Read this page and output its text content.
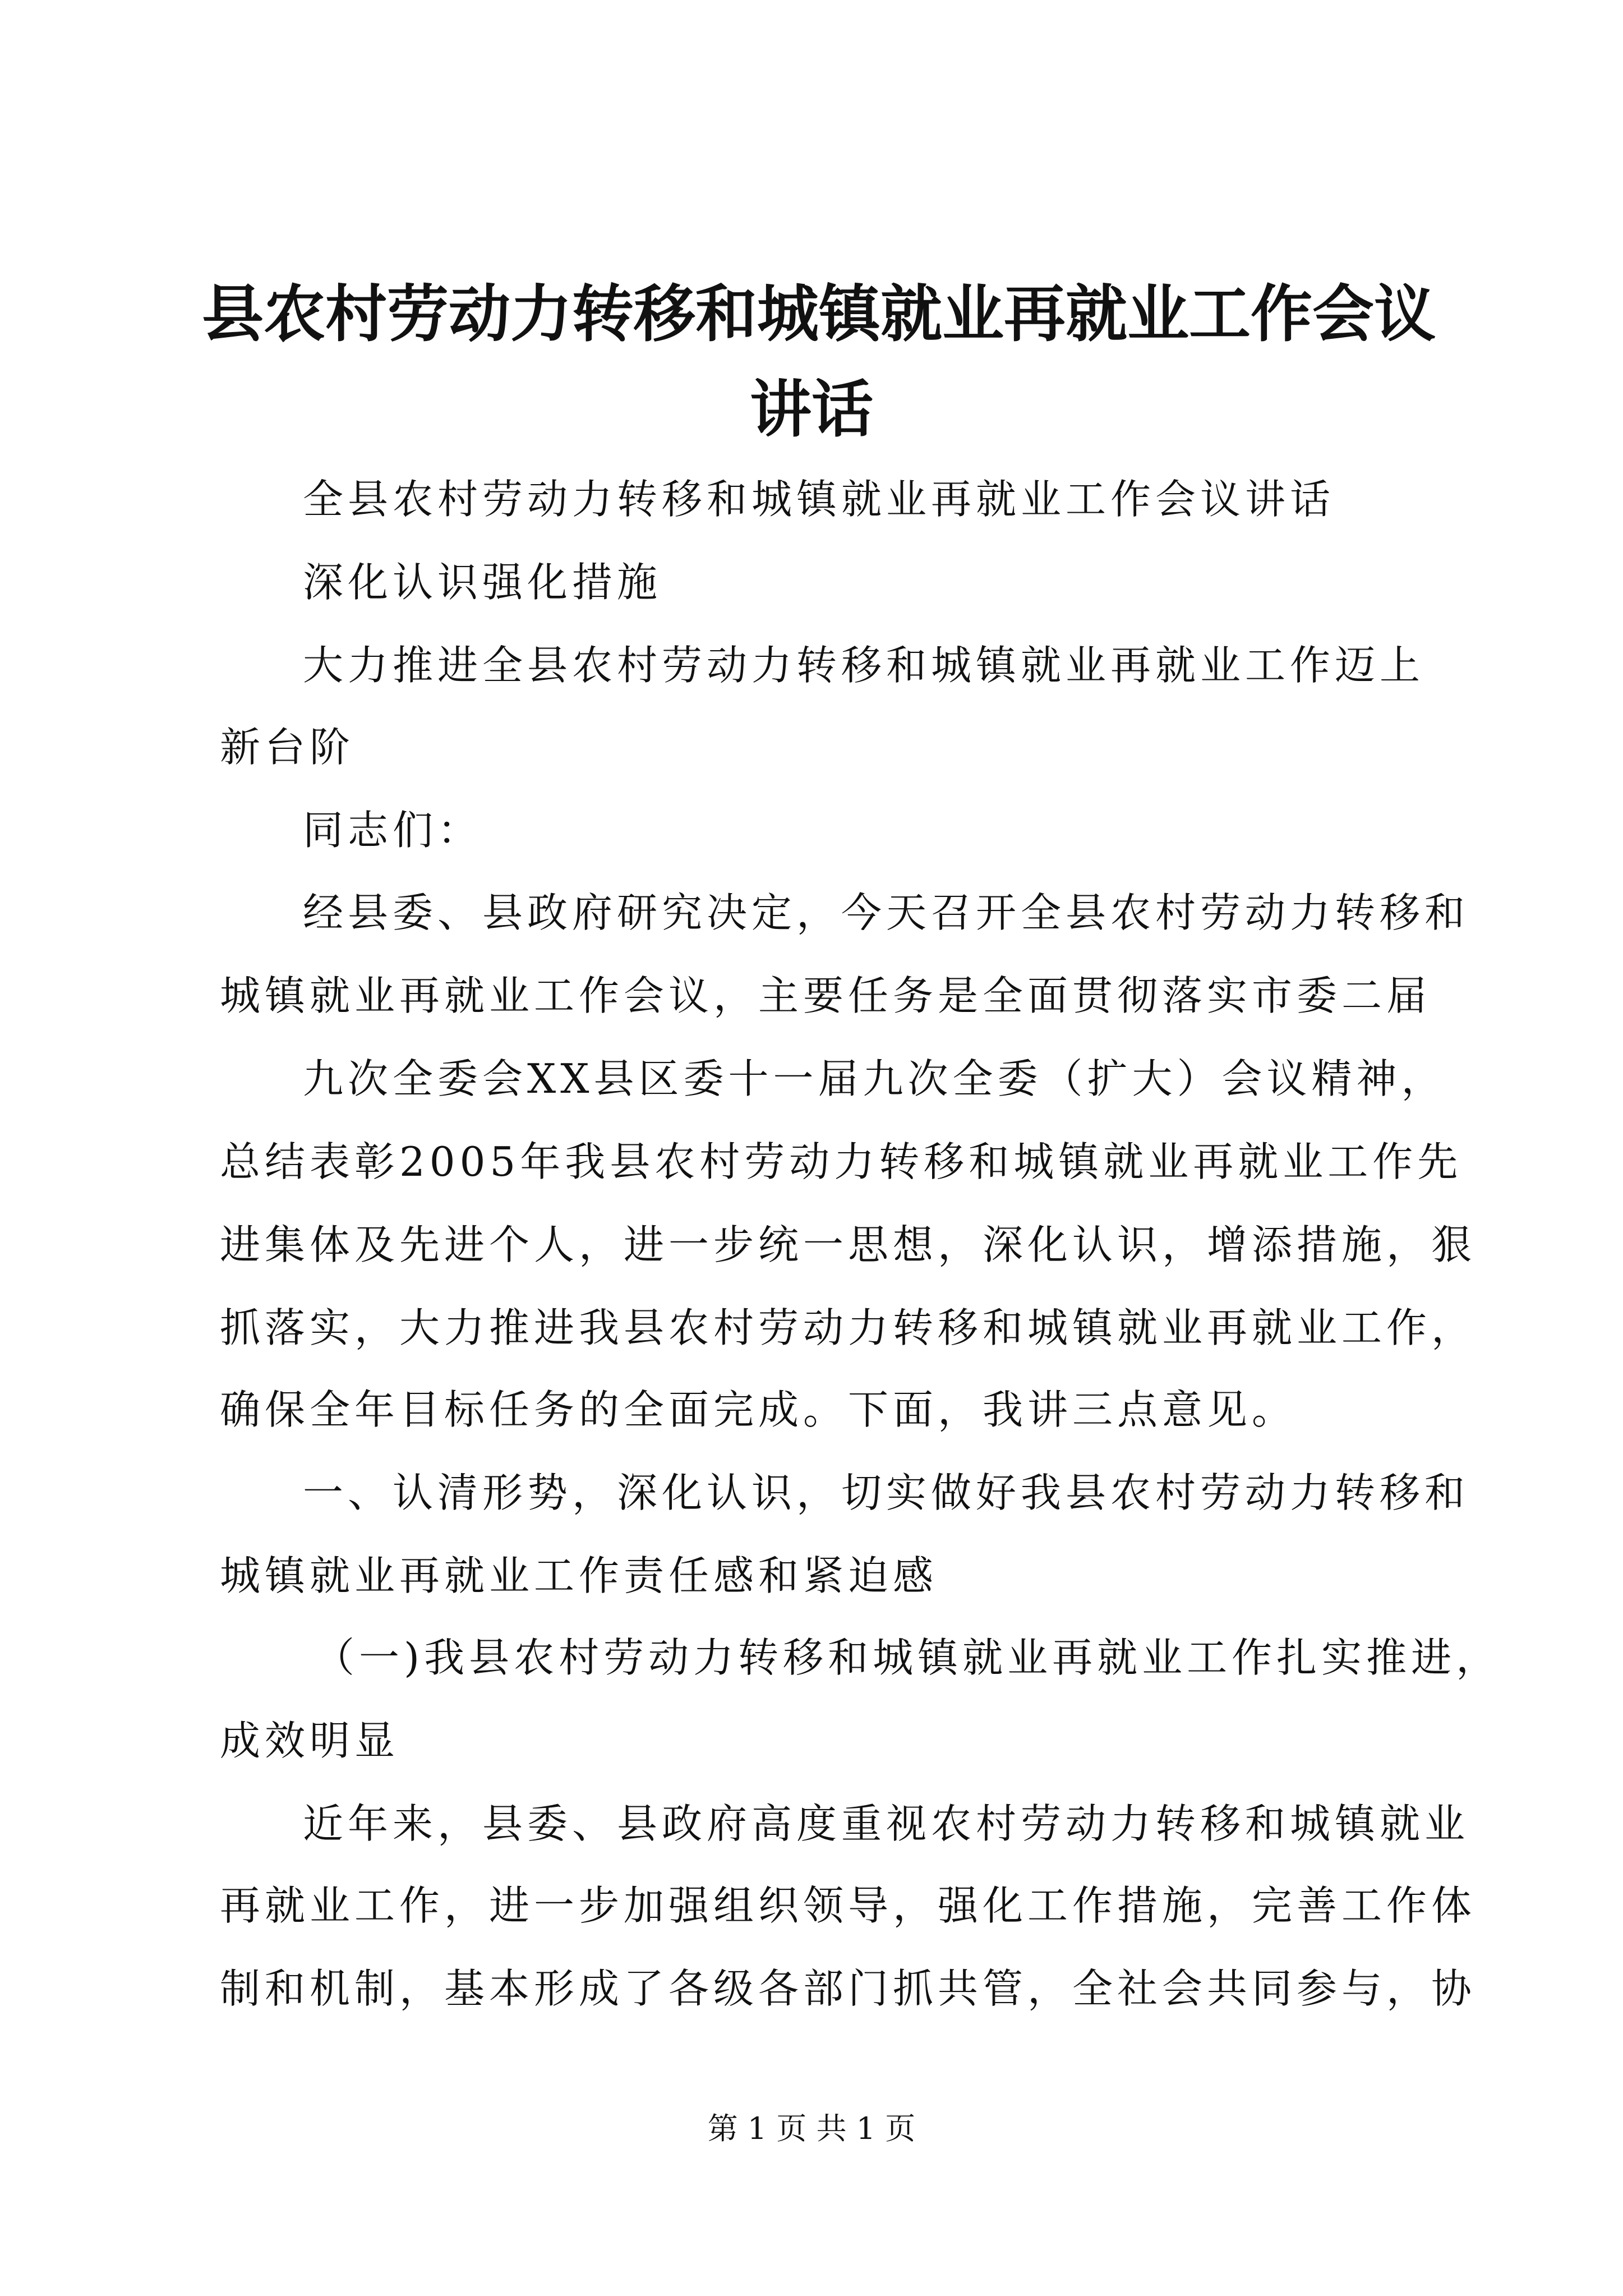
县农村劳动力转移和城镇就业再就业工作会议
讲话
全县农村劳动力转移和城镇就业再就业工作会议讲话
深化认识强化措施
大力推进全县农村劳动力转移和城镇就业再就业工作迈上
新台阶
同志们：
经县委、县政府研究决定，今天召开全县农村劳动力转移和
城镇就业再就业工作会议，主要任务是全面贯彻落实市委二届
九次全委会XX县区委十一届九次全委（扩大）会议精神，
总结表彰2005年我县农村劳动力转移和城镇就业再就业工作先
进集体及先进个人，进一步统一思想，深化认识，增添措施，狠
抓落实，大力推进我县农村劳动力转移和城镇就业再就业工作，
确保全年目标任务的全面完成。下面，我讲三点意见。
一、认清形势，深化认识，切实做好我县农村劳动力转移和
城镇就业再就业工作责任感和紧迫感
（一)我县农村劳动力转移和城镇就业再就业工作扎实推进，
成效明显
近年来，县委、县政府高度重视农村劳动力转移和城镇就业
再就业工作，进一步加强组织领导，强化工作措施，完善工作体
制和机制，基本形成了各级各部门抓共管，全社会共同参与，协
第 1 页 共 1 页
